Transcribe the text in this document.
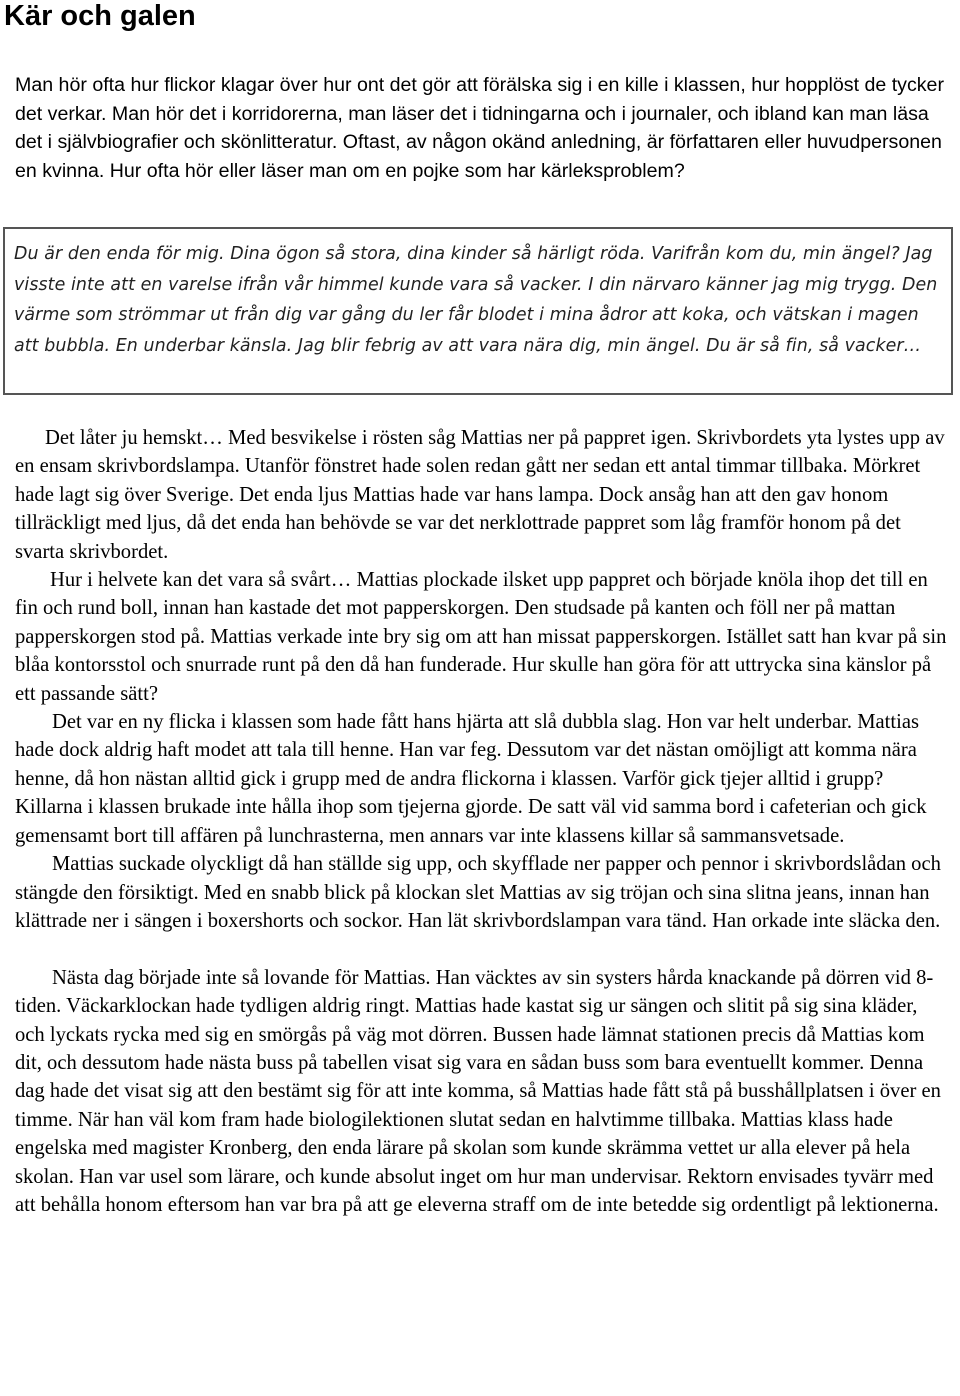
Kär och galen

Man hör ofta hur flickor klagar över hur ont det gör att förälska sig i en kille i klassen, hur hopplöst de tycker det verkar. Man hör det i korridorerna, man läser det i tidningarna och i journaler, och ibland kan man läsa det i självbiografier och skönlitteratur. Oftast, av någon okänd anledning, är författaren eller huvudpersonen en kvinna. Hur ofta hör eller läser man om en pojke som har kärleksproblem?

Du är den enda för mig. Dina ögon så stora, dina kinder så härligt röda. Varifrån kom du, min ängel? Jag visste inte att en varelse ifrån vår himmel kunde vara så vacker. I din närvaro känner jag mig trygg. Den värme som strömmar ut från dig var gång du ler får blodet i mina ådror att koka, och vätskan i magen att bubbla. En underbar känsla. Jag blir febrig av att vara nära dig, min ängel. Du är så fin, så vacker…

Det låter ju hemskt… Med besvikelse i rösten såg Mattias ner på pappret igen. Skrivbordets yta lystes upp av en ensam skrivbordslampa. Utanför fönstret hade solen redan gått ner sedan ett antal timmar tillbaka. Mörkret hade lagt sig över Sverige. Det enda ljus Mattias hade var hans lampa. Dock ansåg han att den gav honom tillräckligt med ljus, då det enda han behövde se var det nerklottrade pappret som låg framför honom på det svarta skrivbordet.

Hur i helvete kan det vara så svårt… Mattias plockade ilsket upp pappret och började knöla ihop det till en fin och rund boll, innan han kastade det mot papperskorgen. Den studsade på kanten och föll ner på mattan papperskorgen stod på. Mattias verkade inte bry sig om att han missat papperskorgen. Istället satt han kvar på sin blåa kontorsstol och snurrade runt på den då han funderade. Hur skulle han göra för att uttrycka sina känslor på ett passande sätt?

Det var en ny flicka i klassen som hade fått hans hjärta att slå dubbla slag. Hon var helt underbar. Mattias hade dock aldrig haft modet att tala till henne. Han var feg. Dessutom var det nästan omöjligt att komma nära henne, då hon nästan alltid gick i grupp med de andra flickorna i klassen. Varför gick tjejer alltid i grupp? Killarna i klassen brukade inte hålla ihop som tjejerna gjorde. De satt väl vid samma bord i cafeterian och gick gemensamt bort till affären på lunchrasterna, men annars var inte klassens killar så sammansvetsade.

Mattias suckade olyckligt då han ställde sig upp, och skyfflade ner papper och pennor i skrivbordslådan och stängde den försiktigt. Med en snabb blick på klockan slet Mattias av sig tröjan och sina slitna jeans, innan han klättrade ner i sängen i boxershorts och sockor. Han lät skrivbordslampan vara tänd. Han orkade inte släcka den.

Nästa dag började inte så lovande för Mattias. Han väcktes av sin systers hårda knackande på dörren vid 8-tiden. Väckarklockan hade tydligen aldrig ringt. Mattias hade kastat sig ur sängen och slitit på sig sina kläder, och lyckats rycka med sig en smörgås på väg mot dörren. Bussen hade lämnat stationen precis då Mattias kom dit, och dessutom hade nästa buss på tabellen visat sig vara en sådan buss som bara eventuellt kommer. Denna dag hade det visat sig att den bestämt sig för att inte komma, så Mattias hade fått stå på busshållplatsen i över en timme. När han väl kom fram hade biologilektionen slutat sedan en halvtimme tillbaka. Mattias klass hade engelska med magister Kronberg, den enda lärare på skolan som kunde skrämma vettet ur alla elever på hela skolan. Han var usel som lärare, och kunde absolut inget om hur man undervisar. Rektorn envisades tyvärr med att behålla honom eftersom han var bra på att ge eleverna straff om de inte betedde sig ordentligt på lektionerna.
